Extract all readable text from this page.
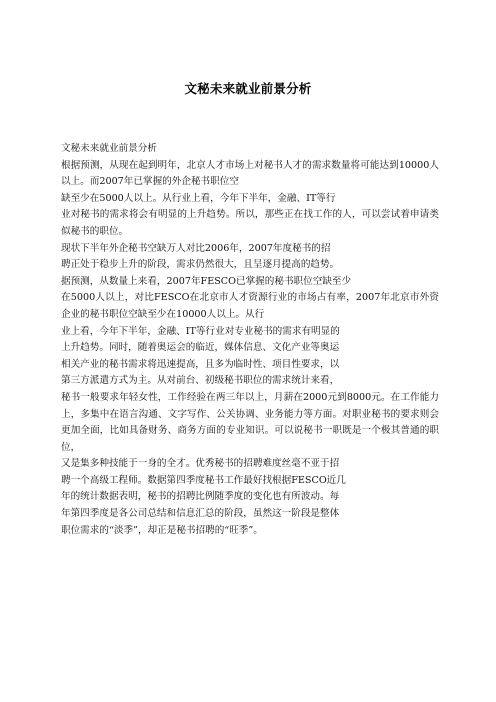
文秘未来就业前景分析

文秘未来就业前景分析

根据预测，从现在起到明年，北京人才市场上对秘书人才的需求数量将可能达到10000人以上。而2007年已掌握的外企秘书职位空

缺至少在5000人以上。从行业上看，今年下半年，金融、IT等行

业对秘书的需求将会有明显的上升趋势。所以，那些正在找工作的人，可以尝试着申请类似秘书的职位。

现状下半年外企秘书空缺万人对比2006年，2007年度秘书的招

聘正处于稳步上升的阶段，需求仍然很大，且呈逐月提高的趋势。

据预测，从数量上来看，2007年FESCO已掌握的秘书职位空缺至少

在5000人以上，对比FESCO在北京市人才资源行业的市场占有率，2007年北京市外资企业的秘书职位空缺至少在10000人以上。从行

业上看，今年下半年，金融、IT等行业对专业秘书的需求有明显的

上升趋势。同时，随着奥运会的临近，媒体信息、文化产业等奥运

相关产业的秘书需求将迅速提高，且多为临时性、项目性要求，以

第三方派遣方式为主。从对前台、初级秘书职位的需求统计来看，

秘书一般要求年轻女性，工作经验在两三年以上，月薪在2000元到8000元。在工作能力上，多集中在语言沟通、文字写作、公关协调、业务能力等方面。对职业秘书的要求则会更加全面，比如具备财务、商务方面的专业知识。可以说秘书一职既是一个极其普通的职位，

又是集多种技能于一身的全才。优秀秘书的招聘难度丝毫不亚于招

聘一个高级工程师。数据第四季度秘书工作最好找根据FESCO近几

年的统计数据表明，秘书的招聘比例随季度的变化也有所波动。每

年第四季度是各公司总结和信息汇总的阶段，虽然这一阶段是整体

职位需求的“淡季”，却正是秘书招聘的“旺季”。
